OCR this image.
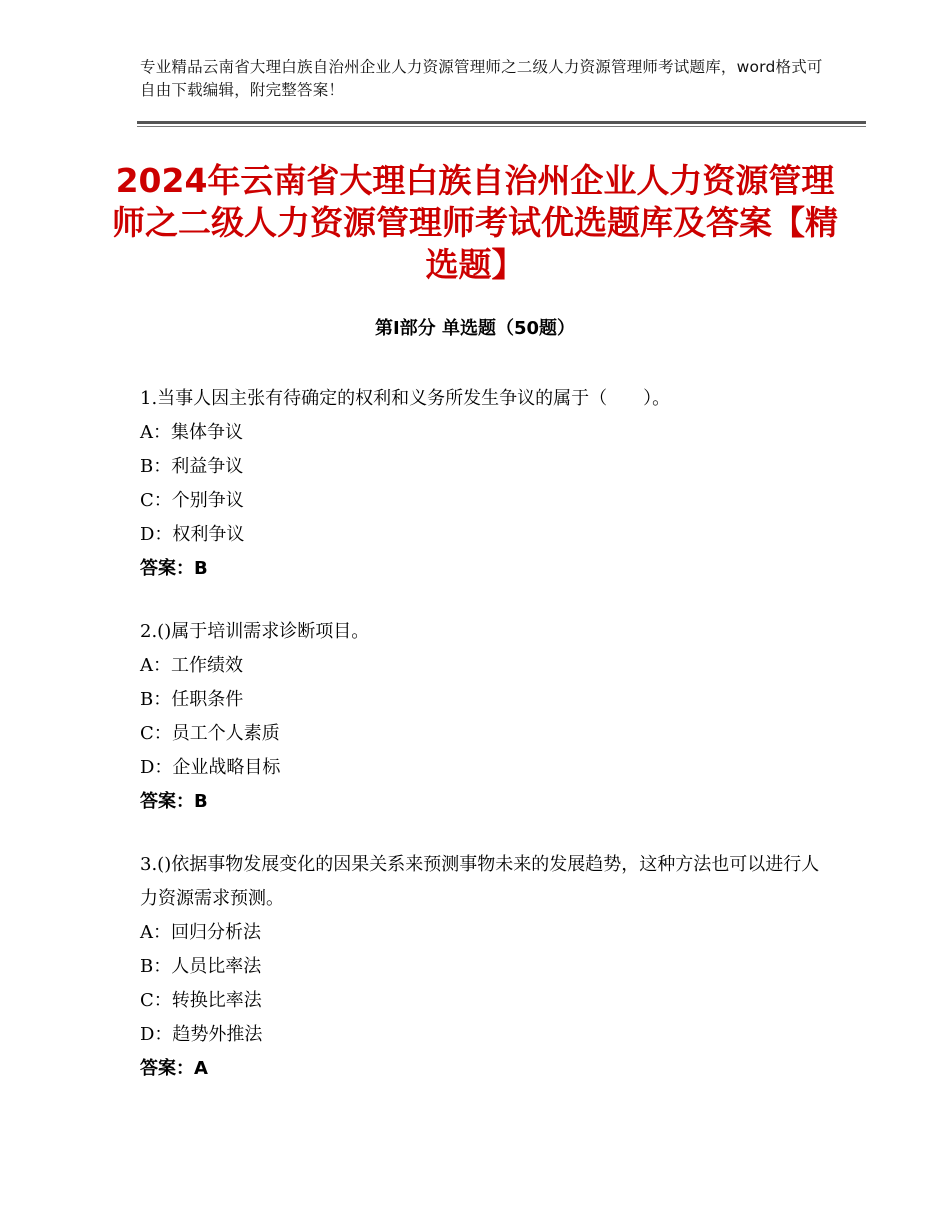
专业精品云南省大理白族自治州企业人力资源管理师之二级人力资源管理师考试题库，word格式可自由下载编辑，附完整答案！
2024年云南省大理白族自治州企业人力资源管理师之二级人力资源管理师考试优选题库及答案【精选题】
第Ⅰ部分 单选题（50题）

1.当事人因主张有待确定的权利和义务所发生争议的属于（　　）。

A：集体争议

B：利益争议

C：个别争议

D：权利争议

答案：B

2.()属于培训需求诊断项目。

A：工作绩效

B：任职条件

C：员工个人素质

D：企业战略目标

答案：B

3.()依据事物发展变化的因果关系来预测事物未来的发展趋势，这种方法也可以进行人力资源需求预测。

A：回归分析法

B：人员比率法

C：转换比率法

D：趋势外推法

答案：A
